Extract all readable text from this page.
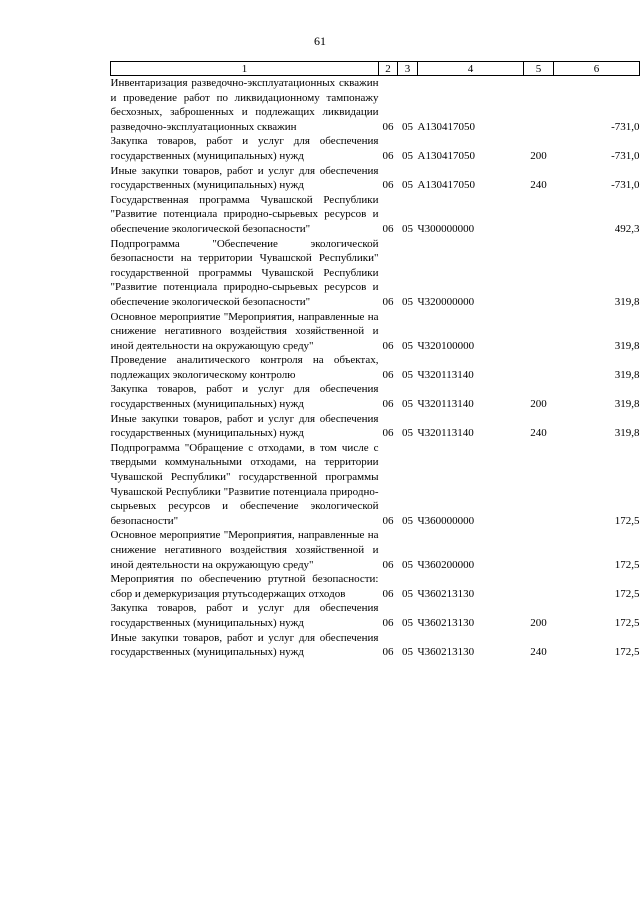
61
1	2	3	4	5	6
Инвентаризация разведочно-эксплуатационных скважин и проведение работ по ликвидационному тампонажу бесхозных, заброшенных и подлежащих ликвидации разведочно-эксплуатационных скважин	06	05	А130417050		-731,0
Закупка товаров, работ и услуг для обеспечения государственных (муниципальных) нужд	06	05	А130417050	200	-731,0
Иные закупки товаров, работ и услуг для обеспечения государственных (муниципальных) нужд	06	05	А130417050	240	-731,0
Государственная программа Чувашской Республики "Развитие потенциала природно-сырьевых ресурсов и обеспечение экологической безопасности"	06	05	Ч300000000		492,3
Подпрограмма "Обеспечение экологической безопасности на территории Чувашской Республики" государственной программы Чувашской Республики "Развитие потенциала природно-сырьевых ресурсов и обеспечение экологической безопасности"	06	05	Ч320000000		319,8
Основное мероприятие "Мероприятия, направленные на снижение негативного воздействия хозяйственной и иной деятельности на окружающую среду"	06	05	Ч320100000		319,8
Проведение аналитического контроля на объектах, подлежащих экологическому контролю	06	05	Ч320113140		319,8
Закупка товаров, работ и услуг для обеспечения государственных (муниципальных) нужд	06	05	Ч320113140	200	319,8
Иные закупки товаров, работ и услуг для обеспечения государственных (муниципальных) нужд	06	05	Ч320113140	240	319,8
Подпрограмма "Обращение с отходами, в том числе с твердыми коммунальными отходами, на территории Чувашской Республики" государственной программы Чувашской Республики "Развитие потенциала природно-сырьевых ресурсов и обеспечение экологической безопасности"	06	05	Ч360000000		172,5
Основное мероприятие "Мероприятия, направленные на снижение негативного воздействия хозяйственной и иной деятельности на окружающую среду"	06	05	Ч360200000		172,5
Мероприятия по обеспечению ртутной безопасности: сбор и демеркуризация ртутьсодержащих отходов	06	05	Ч360213130		172,5
Закупка товаров, работ и услуг для обеспечения государственных (муниципальных) нужд	06	05	Ч360213130	200	172,5
Иные закупки товаров, работ и услуг для обеспечения государственных (муниципальных) нужд	06	05	Ч360213130	240	172,5
